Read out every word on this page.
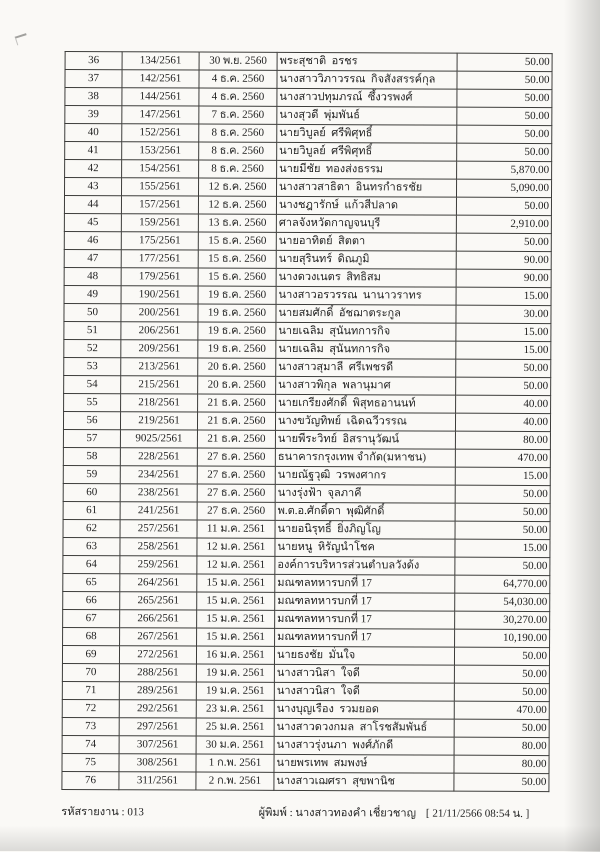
36	134/2561	30 พ.ย. 2560	พระสุชาติ  อรชร	50.00
37	142/2561	4 ธ.ค. 2560	นางสาววิภาวรรณ  กิจสังสรรค์กุล	50.00
38	144/2561	4 ธ.ค. 2560	นางสาวปทุมภรณ์  ซึ้งวรพงศ์	50.00
39	147/2561	7 ธ.ค. 2560	นางสุวดี  พุ่มพันธ์	50.00
40	152/2561	8 ธ.ค. 2560	นายวิบูลย์  ศรีพิศุทธิ์	50.00
41	153/2561	8 ธ.ค. 2560	นายวิบูลย์  ศรีพิศุทธิ์	50.00
42	154/2561	8 ธ.ค. 2560	นายมีชัย  ทองส่งธรรม	5,870.00
43	155/2561	12 ธ.ค. 2560	นางสาวสาธิตา  อินทรกำธรชัย	5,090.00
44	157/2561	12 ธ.ค. 2560	นางชฎารักษ์  แก้วสีปลาด	50.00
45	159/2561	13 ธ.ค. 2560	ศาลจังหวัดกาญจนบุรี	2,910.00
46	175/2561	15 ธ.ค. 2560	นายอาทิตย์  สิตตา	50.00
47	177/2561	15 ธ.ค. 2560	นายสุรินทร์  ดิณภูมิ	90.00
48	179/2561	15 ธ.ค. 2560	นางดวงเนตร  สิทธิสม	90.00
49	190/2561	19 ธ.ค. 2560	นางสาวอรวรรณ  นานาวราทร	15.00
50	200/2561	19 ธ.ค. 2560	นายสมศักดิ์  อัชฌาตระกูล	30.00
51	206/2561	19 ธ.ค. 2560	นายเฉลิม  สุนันทการกิจ	15.00
52	209/2561	19 ธ.ค. 2560	นายเฉลิม  สุนันทการกิจ	15.00
53	213/2561	20 ธ.ค. 2560	นางสาวสุมาลี  ศรีเพชรดี	50.00
54	215/2561	20 ธ.ค. 2560	นางสาวพิกุล  พลานุมาศ	50.00
55	218/2561	21 ธ.ค. 2560	นายเกรียงศักดิ์  พิสุทธอานนท์	40.00
56	219/2561	21 ธ.ค. 2560	นางขวัญทิพย์  เฉิดฉวีวรรณ	40.00
57	9025/2561	21 ธ.ค. 2560	นายพีระวิทย์  อิสรานุวัฒน์	80.00
58	228/2561	27 ธ.ค. 2560	ธนาคารกรุงเทพ จำกัด(มหาชน)	470.00
59	234/2561	27 ธ.ค. 2560	นายณัฐวุฒิ  วรพงศากร	15.00
60	238/2561	27 ธ.ค. 2560	นางรุ่งฟ้า  จุลภาคี	50.00
61	241/2561	27 ธ.ค. 2560	พ.ต.อ.ศักดิ์ดา  พุฒิศักดิ์	50.00
62	257/2561	11 ม.ค. 2561	นายอนิรุทธิ์  ยิ่งภิญโญ	50.00
63	258/2561	12 ม.ค. 2561	นายหนู  หิรัญนำโชค	15.00
64	259/2561	12 ม.ค. 2561	องค์การบริหารส่วนตำบลวังด้ง	50.00
65	264/2561	15 ม.ค. 2561	มณฑลทหารบกที่ 17	64,770.00
66	265/2561	15 ม.ค. 2561	มณฑลทหารบกที่ 17	54,030.00
67	266/2561	15 ม.ค. 2561	มณฑลทหารบกที่ 17	30,270.00
68	267/2561	15 ม.ค. 2561	มณฑลทหารบกที่ 17	10,190.00
69	272/2561	16 ม.ค. 2561	นายธงชัย  มั่นใจ	50.00
70	288/2561	19 ม.ค. 2561	นางสาวนิสา  ใจดี	50.00
71	289/2561	19 ม.ค. 2561	นางสาวนิสา  ใจดี	50.00
72	292/2561	23 ม.ค. 2561	นางบุญเรือง  รวมยอด	470.00
73	297/2561	25 ม.ค. 2561	นางสาวดวงกมล  สาโรชสัมพันธ์	50.00
74	307/2561	30 ม.ค. 2561	นางสาวรุ่งนภา  พงศ์ภักดี	80.00
75	308/2561	1 ก.พ. 2561	นายพรเทพ  สมพงษ์	80.00
76	311/2561	2 ก.พ. 2561	นางสาวเฌศรา  สุขพานิช	50.00
รหัสรายงาน : 013	ผู้พิมพ์ : นางสาวทองคำ เชี่ยวชาญ [ 21/11/2566 08:54 น. ]
